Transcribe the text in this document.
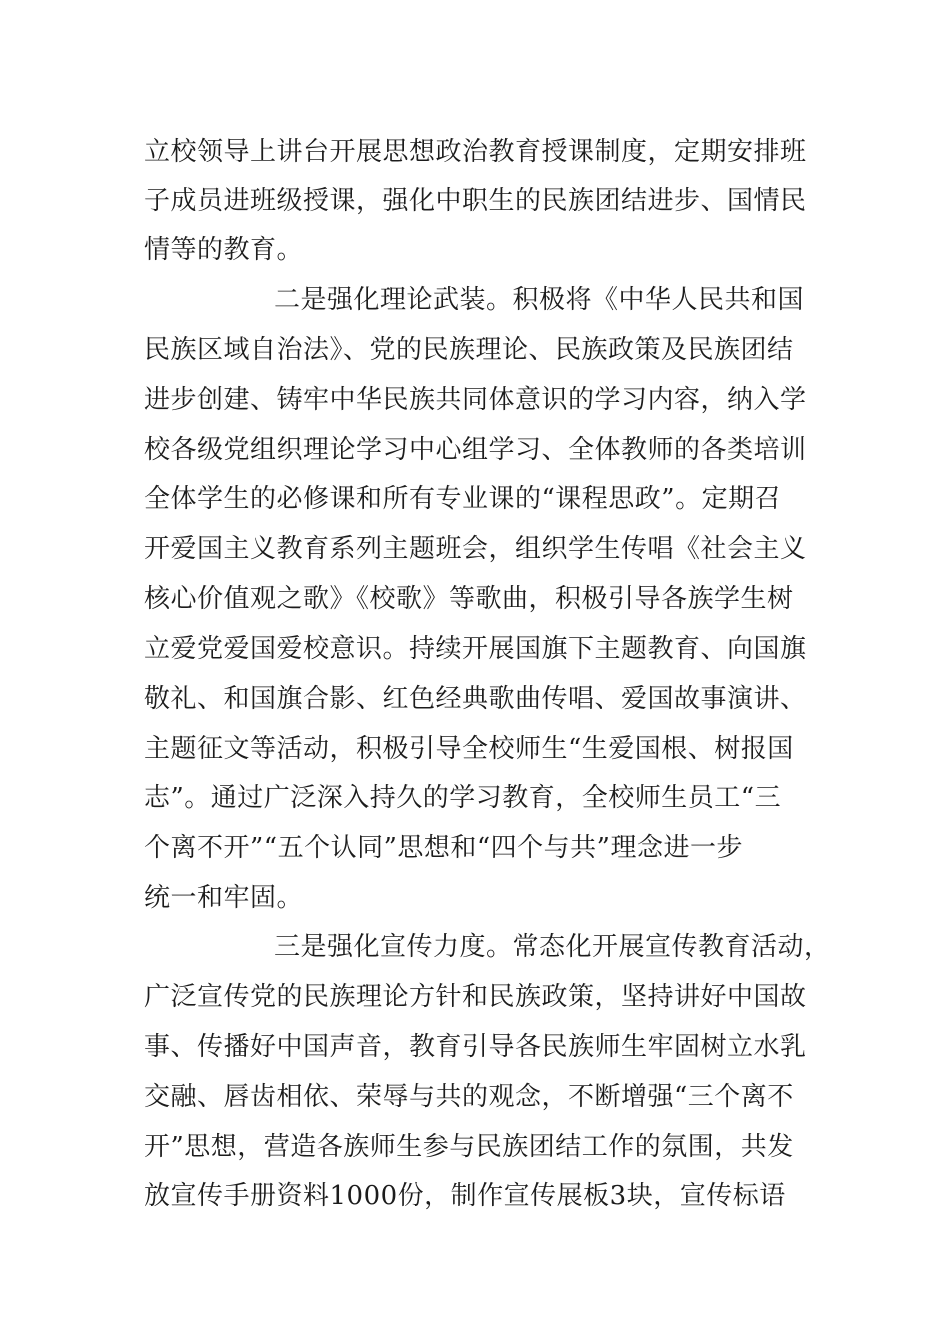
立校领导上讲台开展思想政治教育授课制度，定期安排班
子成员进班级授课，强化中职生的民族团结进步、国情民
情等的教育。
二是强化理论武装。积极将《中华人民共和国
民族区域自治法》、党的民族理论、民族政策及民族团结
进步创建、铸牢中华民族共同体意识的学习内容，纳入学
校各级党组织理论学习中心组学习、全体教师的各类培训
全体学生的必修课和所有专业课的“课程思政”。定期召
开爱国主义教育系列主题班会，组织学生传唱《社会主义
核心价值观之歌》《校歌》等歌曲，积极引导各族学生树
立爱党爱国爱校意识。持续开展国旗下主题教育、向国旗
敬礼、和国旗合影、红色经典歌曲传唱、爱国故事演讲、
主题征文等活动，积极引导全校师生“生爱国根、树报国
志”。通过广泛深入持久的学习教育，全校师生员工“三
个离不开”“五个认同”思想和“四个与共”理念进一步
统一和牢固。
三是强化宣传力度。常态化开展宣传教育活动，
广泛宣传党的民族理论方针和民族政策，坚持讲好中国故
事、传播好中国声音，教育引导各民族师生牢固树立水乳
交融、唇齿相依、荣辱与共的观念，不断增强“三个离不
开”思想，营造各族师生参与民族团结工作的氛围，共发
放宣传手册资料1000份，制作宣传展板3块，宣传标语
